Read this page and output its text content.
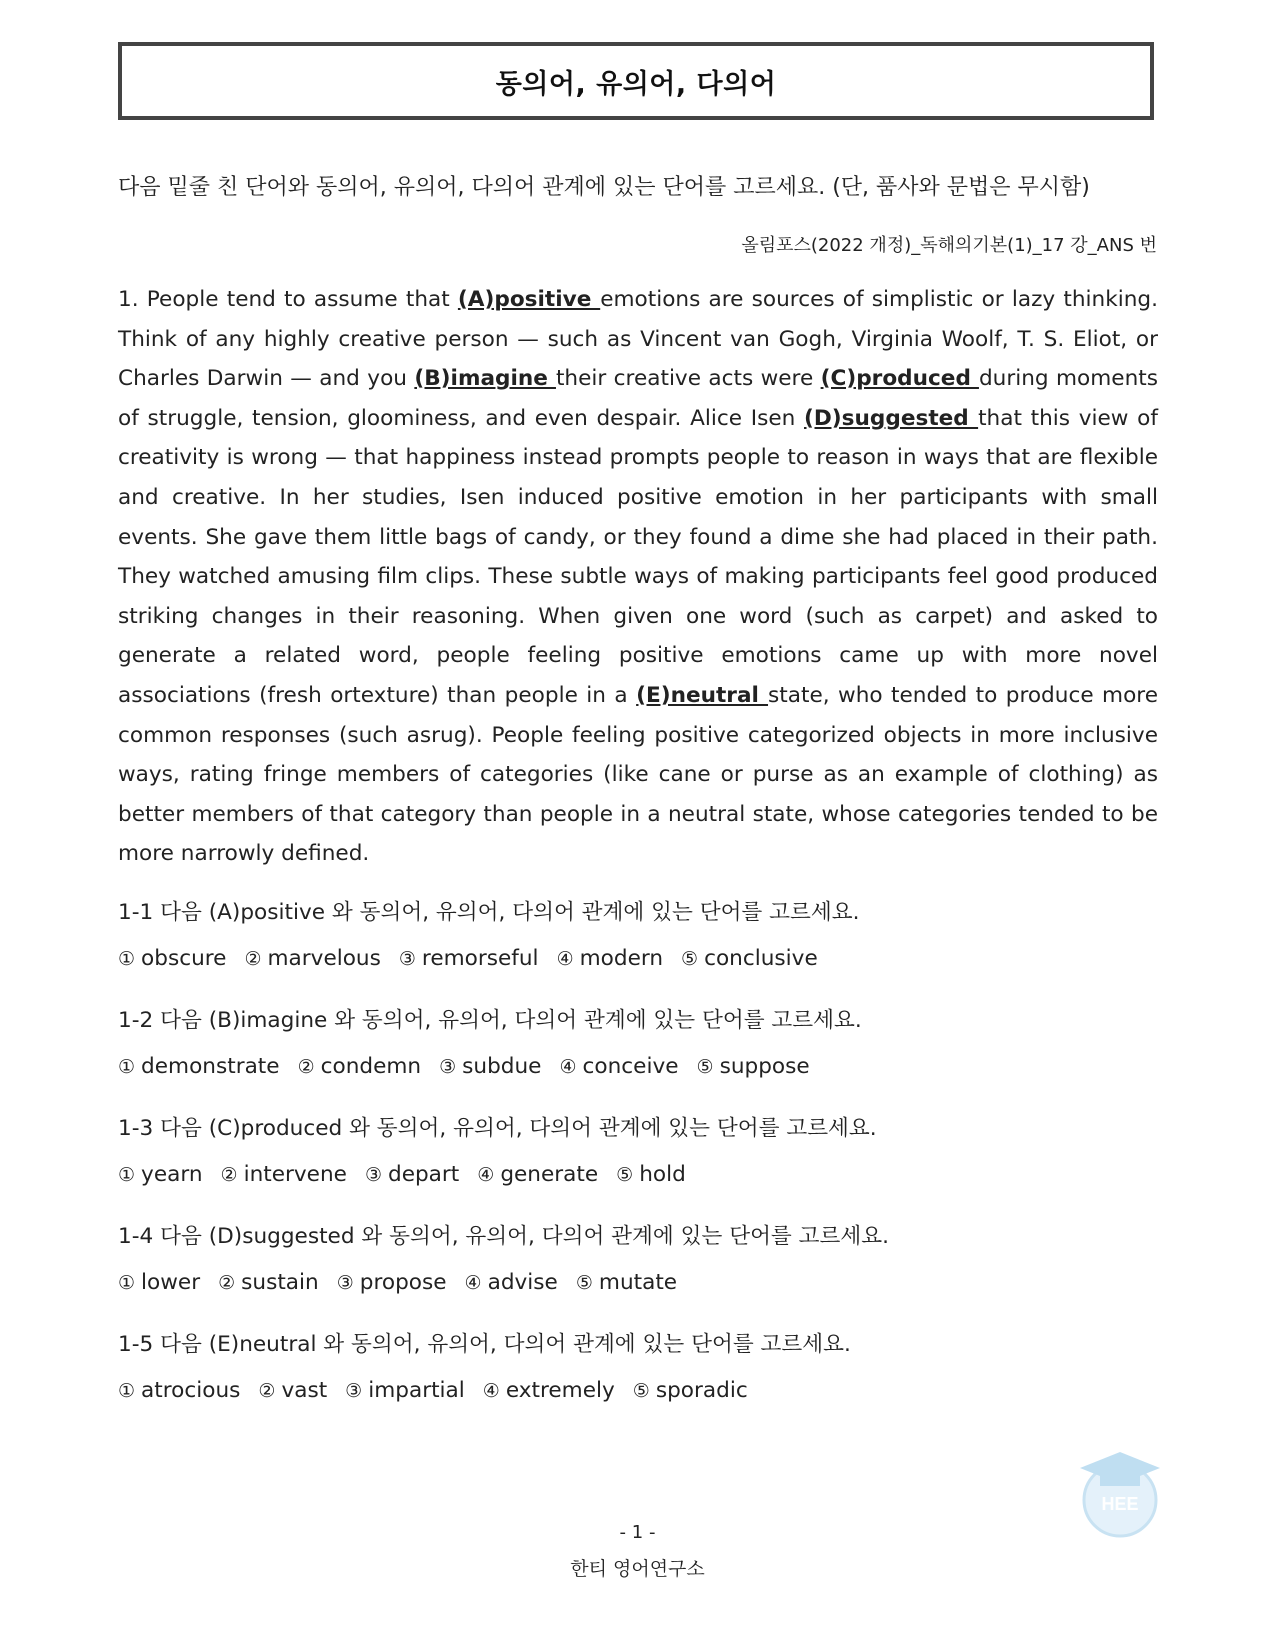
동의어, 유의어, 다의어
다음 밑줄 친 단어와 동의어, 유의어, 다의어 관계에 있는 단어를 고르세요. (단, 품사와 문법은 무시함)
올림포스(2022 개정)_독해의기본(1)_17 강_ANS 번
1. People tend to assume that (A)positive emotions are sources of simplistic or lazy thinking. Think of any highly creative person — such as Vincent van Gogh, Virginia Woolf, T. S. Eliot, or Charles Darwin — and you (B)imagine their creative acts were (C)produced during moments of struggle, tension, gloominess, and even despair. Alice Isen (D)suggested that this view of creativity is wrong — that happiness instead prompts people to reason in ways that are flexible and creative. In her studies, Isen induced positive emotion in her participants with small events. She gave them little bags of candy, or they found a dime she had placed in their path. They watched amusing film clips. These subtle ways of making participants feel good produced striking changes in their reasoning. When given one word (such as carpet) and asked to generate a related word, people feeling positive emotions came up with more novel associations (fresh ortexture) than people in a (E)neutral state, who tended to produce more common responses (such asrug). People feeling positive categorized objects in more inclusive ways, rating fringe members of categories (like cane or purse as an example of clothing) as better members of that category than people in a neutral state, whose categories tended to be more narrowly defined.
1-1 다음 (A)positive 와 동의어, 유의어, 다의어 관계에 있는 단어를 고르세요.
① obscure ② marvelous ③ remorseful ④ modern ⑤ conclusive
1-2 다음 (B)imagine 와 동의어, 유의어, 다의어 관계에 있는 단어를 고르세요.
① demonstrate ② condemn ③ subdue ④ conceive ⑤ suppose
1-3 다음 (C)produced 와 동의어, 유의어, 다의어 관계에 있는 단어를 고르세요.
① yearn ② intervene ③ depart ④ generate ⑤ hold
1-4 다음 (D)suggested 와 동의어, 유의어, 다의어 관계에 있는 단어를 고르세요.
① lower ② sustain ③ propose ④ advise ⑤ mutate
1-5 다음 (E)neutral 와 동의어, 유의어, 다의어 관계에 있는 단어를 고르세요.
① atrocious ② vast ③ impartial ④ extremely ⑤ sporadic
HEE
- 1 -
한티 영어연구소
